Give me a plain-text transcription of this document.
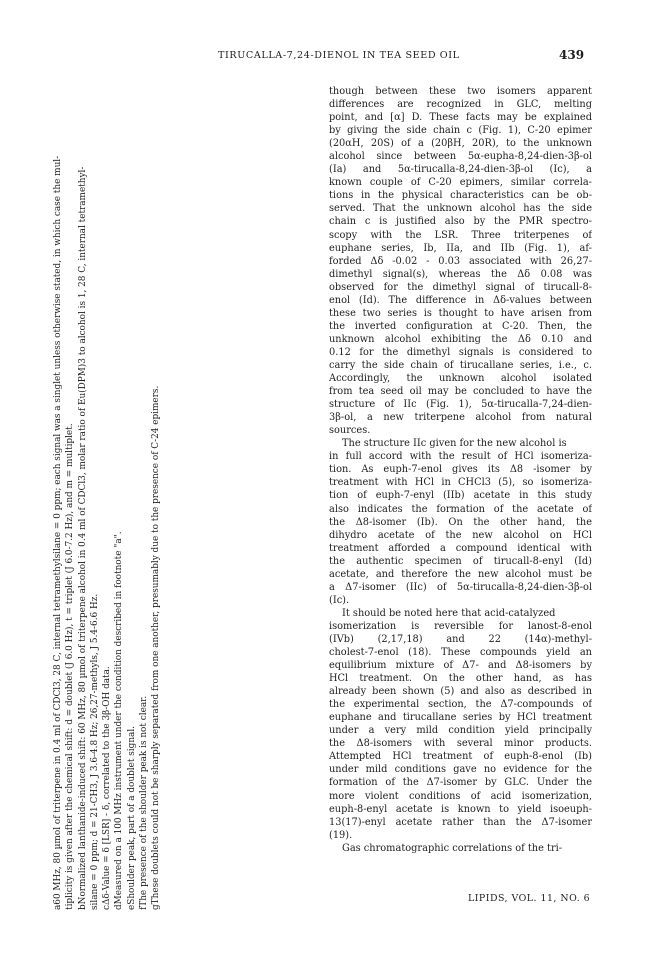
TIRUCALLA-7,24-DIENOL IN TEA SEED OIL	439
a60 MHz, 80 µmol of triterpene in 0.4 ml of CDCl3, 28 C, internal tetramethylsilane = 0 ppm; each signal was a singlet unless otherwise stated, in which case the mul- tiplicity is given after the chemical shift: d = doublet (J 6.0 Hz), t = triplet (J 6.0-7.2 Hz), and m = multiplet. bNormalized lanthanide-induced shift: 60 MHz, 80 µmol of triterpene alcohol in 0.4 ml of CDCl3, molar ratio of Eu(DPM)3 to alcohol is 1, 28 C, internal tetramethyl- silane = 0 ppm; d = 21-CH3, J 3.6-4.8 Hz; 26,27-methyls, J 5.4-6.6 Hz. cΔδ-Value = δ [LSR] - δ, correlated to the 3β-OH data. dMeasured on a 100 MHz instrument under the condition described in footnote "a". eShoulder peak, part of a doublet signal. fThe presence of the shoulder peak is not clear. gThese doublets could not be sharply separated from one another, presumably due to the presence of C-24 epimers.
though between these two isomers apparent
differences are recognized in GLC, melting
point, and [α] D. These facts may be explained
by giving the side chain c (Fig. 1), C-20 epimer
(20αH, 20S) of a (20βH, 20R), to the unknown
alcohol since between 5α-eupha-8,24-dien-3β-ol
(Ia) and 5α-tirucalla-8,24-dien-3β-ol (Ic), a
known couple of C-20 epimers, similar correla-
tions in the physical characteristics can be ob-
served. That the unknown alcohol has the side
chain c is justified also by the PMR spectro-
scopy with the LSR. Three triterpenes of
euphane series, Ib, IIa, and IIb (Fig. 1), af-
forded Δδ -0.02 - 0.03 associated with 26,27-
dimethyl signal(s), whereas the Δδ 0.08 was
observed for the dimethyl signal of tirucall-8-
enol (Id). The difference in Δδ-values between
these two series is thought to have arisen from
the inverted configuration at C-20. Then, the
unknown alcohol exhibiting the Δδ 0.10 and
0.12 for the dimethyl signals is considered to
carry the side chain of tirucallane series, i.e., c.
Accordingly, the unknown alcohol isolated
from tea seed oil may be concluded to have the
structure of IIc (Fig. 1), 5α-tirucalla-7,24-dien-
3β-ol, a new triterpene alcohol from natural
sources.
The structure IIc given for the new alcohol is
in full accord with the result of HCl isomeriza-
tion. As euph-7-enol gives its Δ8 -isomer by
treatment with HCl in CHCl3 (5), so isomeriza-
tion of euph-7-enyl (IIb) acetate in this study
also indicates the formation of the acetate of
the Δ8-isomer (Ib). On the other hand, the
dihydro acetate of the new alcohol on HCl
treatment afforded a compound identical with
the authentic specimen of tirucall-8-enyl (Id)
acetate, and therefore the new alcohol must be
a Δ7-isomer (IIc) of 5α-tirucalla-8,24-dien-3β-ol
(Ic).
It should be noted here that acid-catalyzed
isomerization is reversible for lanost-8-enol
(IVb) (2,17,18) and 22 (14α)-methyl-
cholest-7-enol (18). These compounds yield an
equilibrium mixture of Δ7- and Δ8-isomers by
HCl treatment. On the other hand, as has
already been shown (5) and also as described in
the experimental section, the Δ7-compounds of
euphane and tirucallane series by HCl treatment
under a very mild condition yield principally
the Δ8-isomers with several minor products.
Attempted HCl treatment of euph-8-enol (Ib)
under mild conditions gave no evidence for the
formation of the Δ7-isomer by GLC. Under the
more violent conditions of acid isomerization,
euph-8-enyl acetate is known to yield isoeuph-
13(17)-enyl acetate rather than the Δ7-isomer
(19).
Gas chromatographic correlations of the tri-
LIPIDS, VOL. 11, NO. 6
